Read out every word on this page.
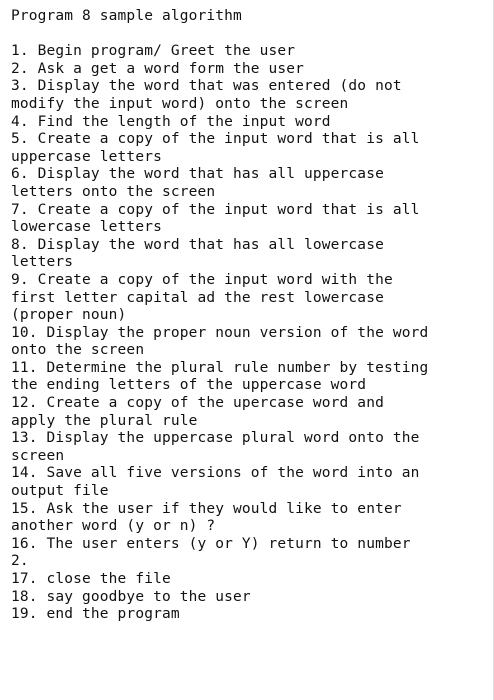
Program 8 sample algorithm
1. Begin program/ Greet the user
2. Ask a get a word form the user
3. Display the word that was entered (do not
modify the input word) onto the screen
4. Find the length of the input word
5. Create a copy of the input word that is all
uppercase letters
6. Display the word that has all uppercase
letters onto the screen
7. Create a copy of the input word that is all
lowercase letters
8. Display the word that has all lowercase
letters
9. Create a copy of the input word with the
first letter capital ad the rest lowercase
(proper noun)
10. Display the proper noun version of the word
onto the screen
11. Determine the plural rule number by testing
the ending letters of the uppercase word
12. Create a copy of the upercase word and
apply the plural rule
13. Display the uppercase plural word onto the
screen
14. Save all five versions of the word into an
output file
15. Ask the user if they would like to enter
another word (y or n) ?
16. The user enters (y or Y) return to number
2.
17. close the file
18. say goodbye to the user
19. end the program
